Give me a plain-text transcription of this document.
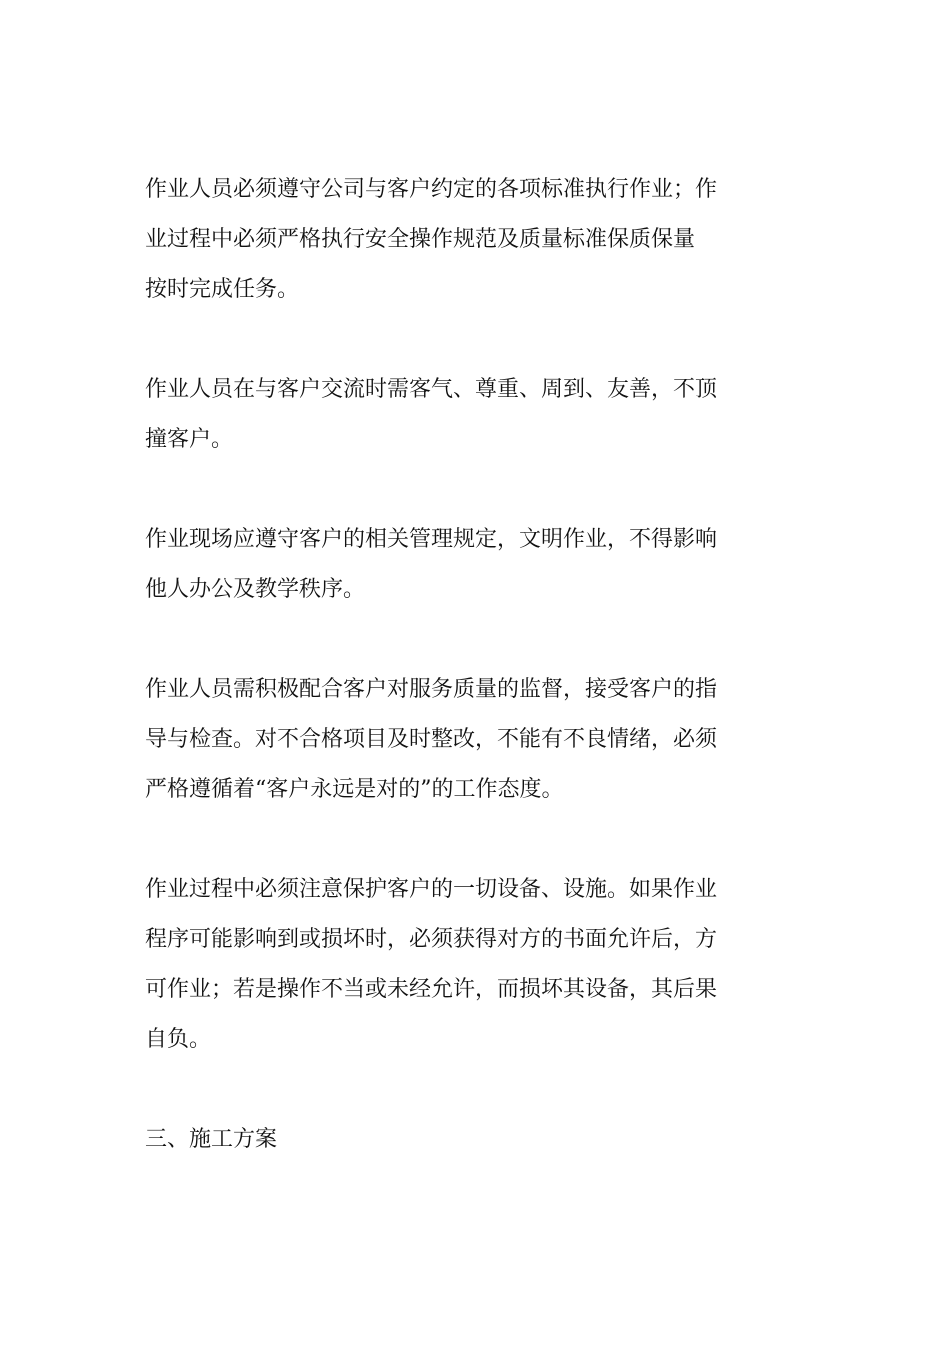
作业人员必须遵守公司与客户约定的各项标准执行作业；作
业过程中必须严格执行安全操作规范及质量标准保质保量
按时完成任务。

作业人员在与客户交流时需客气、尊重、周到、友善，不顶
撞客户。

作业现场应遵守客户的相关管理规定，文明作业，不得影响
他人办公及教学秩序。

作业人员需积极配合客户对服务质量的监督，接受客户的指
导与检查。对不合格项目及时整改，不能有不良情绪，必须
严格遵循着“客户永远是对的”的工作态度。

作业过程中必须注意保护客户的一切设备、设施。如果作业
程序可能影响到或损坏时，必须获得对方的书面允许后，方
可作业；若是操作不当或未经允许，而损坏其设备，其后果
自负。

三、施工方案
